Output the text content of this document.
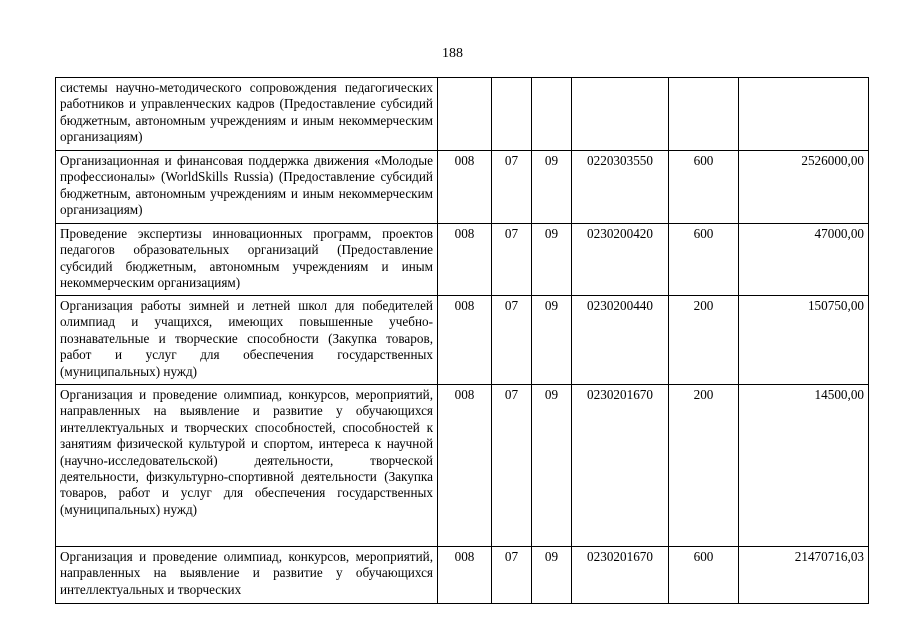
188
системы научно-методического сопровождения педагогических работников и управленческих кадров (Предоставление субсидий бюджетным, автономным учреждениям и иным некоммерческим организациям)						
Организационная и финансовая поддержка движения «Молодые профессионалы» (WorldSkills Russia) (Предоставление субсидий бюджетным, автономным учреждениям и иным некоммерческим организациям)	008	07	09	0220303550	600	2526000,00
Проведение экспертизы инновационных программ, проектов педагогов образовательных организаций (Предоставление субсидий бюджетным, автономным учреждениям и иным некоммерческим организациям)	008	07	09	0230200420	600	47000,00
Организация работы зимней и летней школ для победителей олимпиад и учащихся, имеющих повышенные учебно-познавательные и творческие способности (Закупка товаров, работ и услуг для обеспечения государственных (муниципальных) нужд)	008	07	09	0230200440	200	150750,00
Организация и проведение олимпиад, конкурсов, мероприятий, направленных на выявление и развитие у обучающихся интеллектуальных и творческих способностей, способностей к занятиям физической культурой и спортом, интереса к научной (научно-исследовательской) деятельности, творческой деятельности, физкультурно-спортивной деятельности (Закупка товаров, работ и услуг для обеспечения государственных (муниципальных) нужд)	008	07	09	0230201670	200	14500,00
Организация и проведение олимпиад, конкурсов, мероприятий, направленных на выявление и развитие у обучающихся интеллектуальных и творческих	008	07	09	0230201670	600	21470716,03
